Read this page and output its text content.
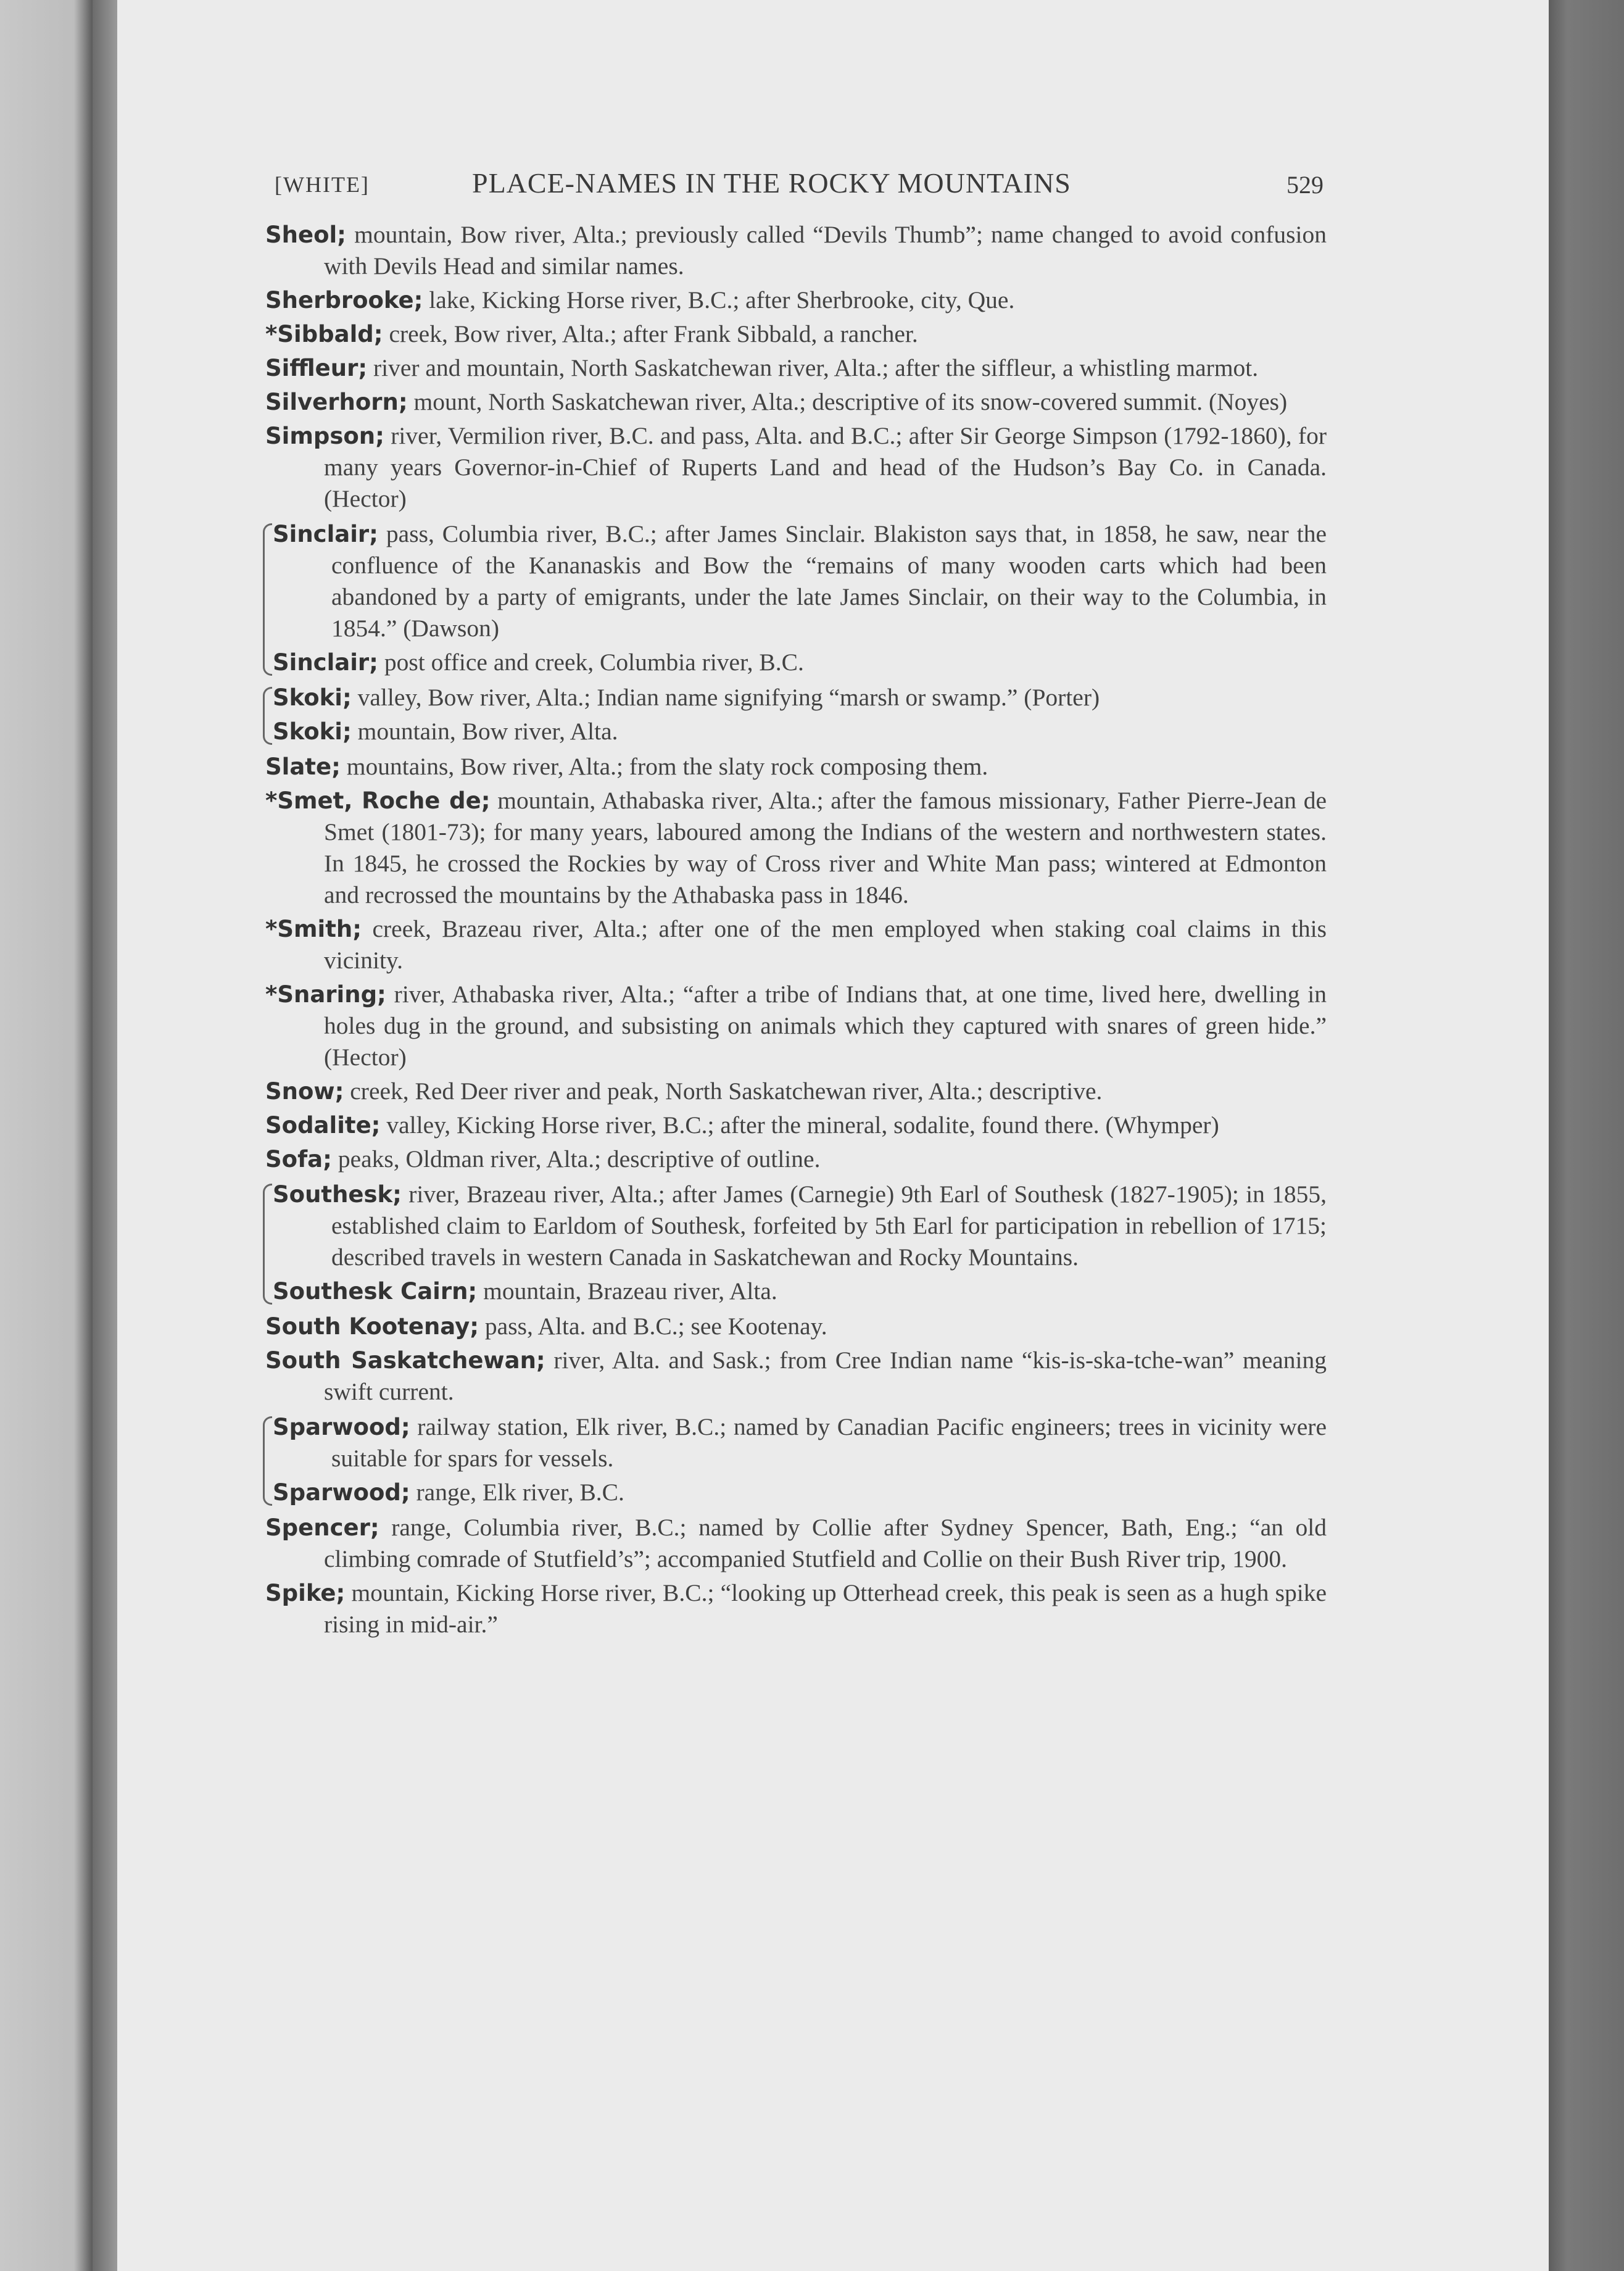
[WHITE]	PLACE-NAMES IN THE ROCKY MOUNTAINS	529

Sheol; mountain, Bow river, Alta.; previously called “Devils Thumb”; name changed to avoid confusion with Devils Head and similar names.

Sherbrooke; lake, Kicking Horse river, B.C.; after Sherbrooke, city, Que.

*Sibbald; creek, Bow river, Alta.; after Frank Sibbald, a rancher.

Siffleur; river and mountain, North Saskatchewan river, Alta.; after the siffleur, a whistling marmot.

Silverhorn; mount, North Saskatchewan river, Alta.; descriptive of its snow-covered summit. (Noyes)

Simpson; river, Vermilion river, B.C. and pass, Alta. and B.C.; after Sir George Simpson (1792-1860), for many years Governor-in-Chief of Ruperts Land and head of the Hudson’s Bay Co. in Canada. (Hector)

Sinclair; pass, Columbia river, B.C.; after James Sinclair. Blakiston says that, in 1858, he saw, near the confluence of the Kananaskis and Bow the “remains of many wooden carts which had been abandoned by a party of emigrants, under the late James Sinclair, on their way to the Columbia, in 1854.” (Dawson)

Sinclair; post office and creek, Columbia river, B.C.

Skoki; valley, Bow river, Alta.; Indian name signifying “marsh or swamp.” (Porter)

Skoki; mountain, Bow river, Alta.

Slate; mountains, Bow river, Alta.; from the slaty rock composing them.

*Smet, Roche de; mountain, Athabaska river, Alta.; after the famous missionary, Father Pierre-Jean de Smet (1801-73); for many years, laboured among the Indians of the western and northwestern states. In 1845, he crossed the Rockies by way of Cross river and White Man pass; wintered at Edmonton and recrossed the mountains by the Athabaska pass in 1846.

*Smith; creek, Brazeau river, Alta.; after one of the men employed when staking coal claims in this vicinity.

*Snaring; river, Athabaska river, Alta.; “after a tribe of Indians that, at one time, lived here, dwelling in holes dug in the ground, and subsisting on animals which they captured with snares of green hide.” (Hector)

Snow; creek, Red Deer river and peak, North Saskatchewan river, Alta.; descriptive.

Sodalite; valley, Kicking Horse river, B.C.; after the mineral, sodalite, found there. (Whymper)

Sofa; peaks, Oldman river, Alta.; descriptive of outline.

Southesk; river, Brazeau river, Alta.; after James (Carnegie) 9th Earl of Southesk (1827-1905); in 1855, established claim to Earldom of Southesk, forfeited by 5th Earl for participation in rebellion of 1715; described travels in western Canada in Saskatchewan and Rocky Mountains.

Southesk Cairn; mountain, Brazeau river, Alta.

South Kootenay; pass, Alta. and B.C.; see Kootenay.

South Saskatchewan; river, Alta. and Sask.; from Cree Indian name “kis-is-ska-tche-wan” meaning swift current.

Sparwood; railway station, Elk river, B.C.; named by Canadian Pacific engineers; trees in vicinity were suitable for spars for vessels.

Sparwood; range, Elk river, B.C.

Spencer; range, Columbia river, B.C.; named by Collie after Sydney Spencer, Bath, Eng.; “an old climbing comrade of Stutfield’s”; accompanied Stutfield and Collie on their Bush River trip, 1900.

Spike; mountain, Kicking Horse river, B.C.; “looking up Otterhead creek, this peak is seen as a hugh spike rising in mid-air.”
